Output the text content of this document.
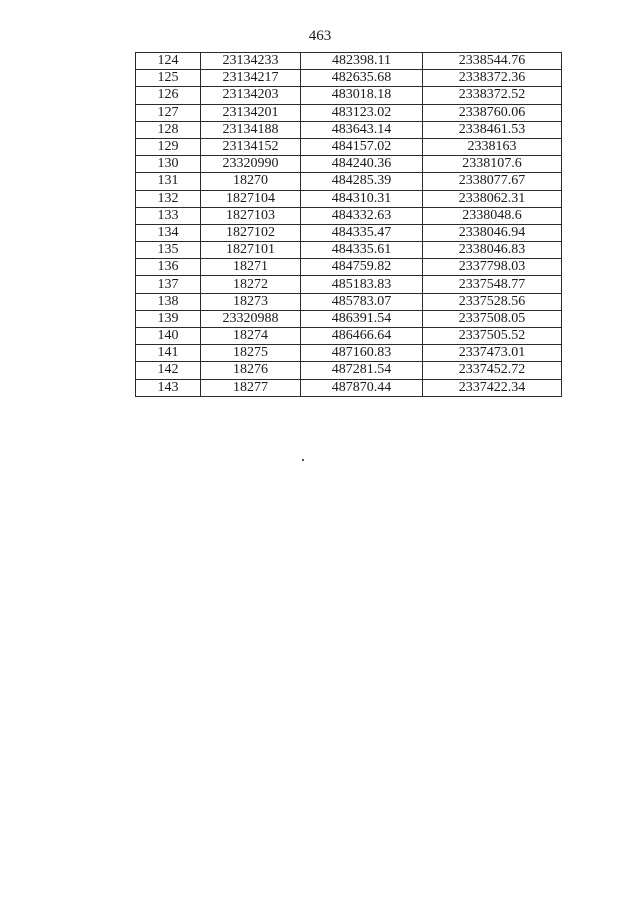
463
124	23134233	482398.11	2338544.76
125	23134217	482635.68	2338372.36
126	23134203	483018.18	2338372.52
127	23134201	483123.02	2338760.06
128	23134188	483643.14	2338461.53
129	23134152	484157.02	2338163
130	23320990	484240.36	2338107.6
131	18270	484285.39	2338077.67
132	1827104	484310.31	2338062.31
133	1827103	484332.63	2338048.6
134	1827102	484335.47	2338046.94
135	1827101	484335.61	2338046.83
136	18271	484759.82	2337798.03
137	18272	485183.83	2337548.77
138	18273	485783.07	2337528.56
139	23320988	486391.54	2337508.05
140	18274	486466.64	2337505.52
141	18275	487160.83	2337473.01
142	18276	487281.54	2337452.72
143	18277	487870.44	2337422.34
